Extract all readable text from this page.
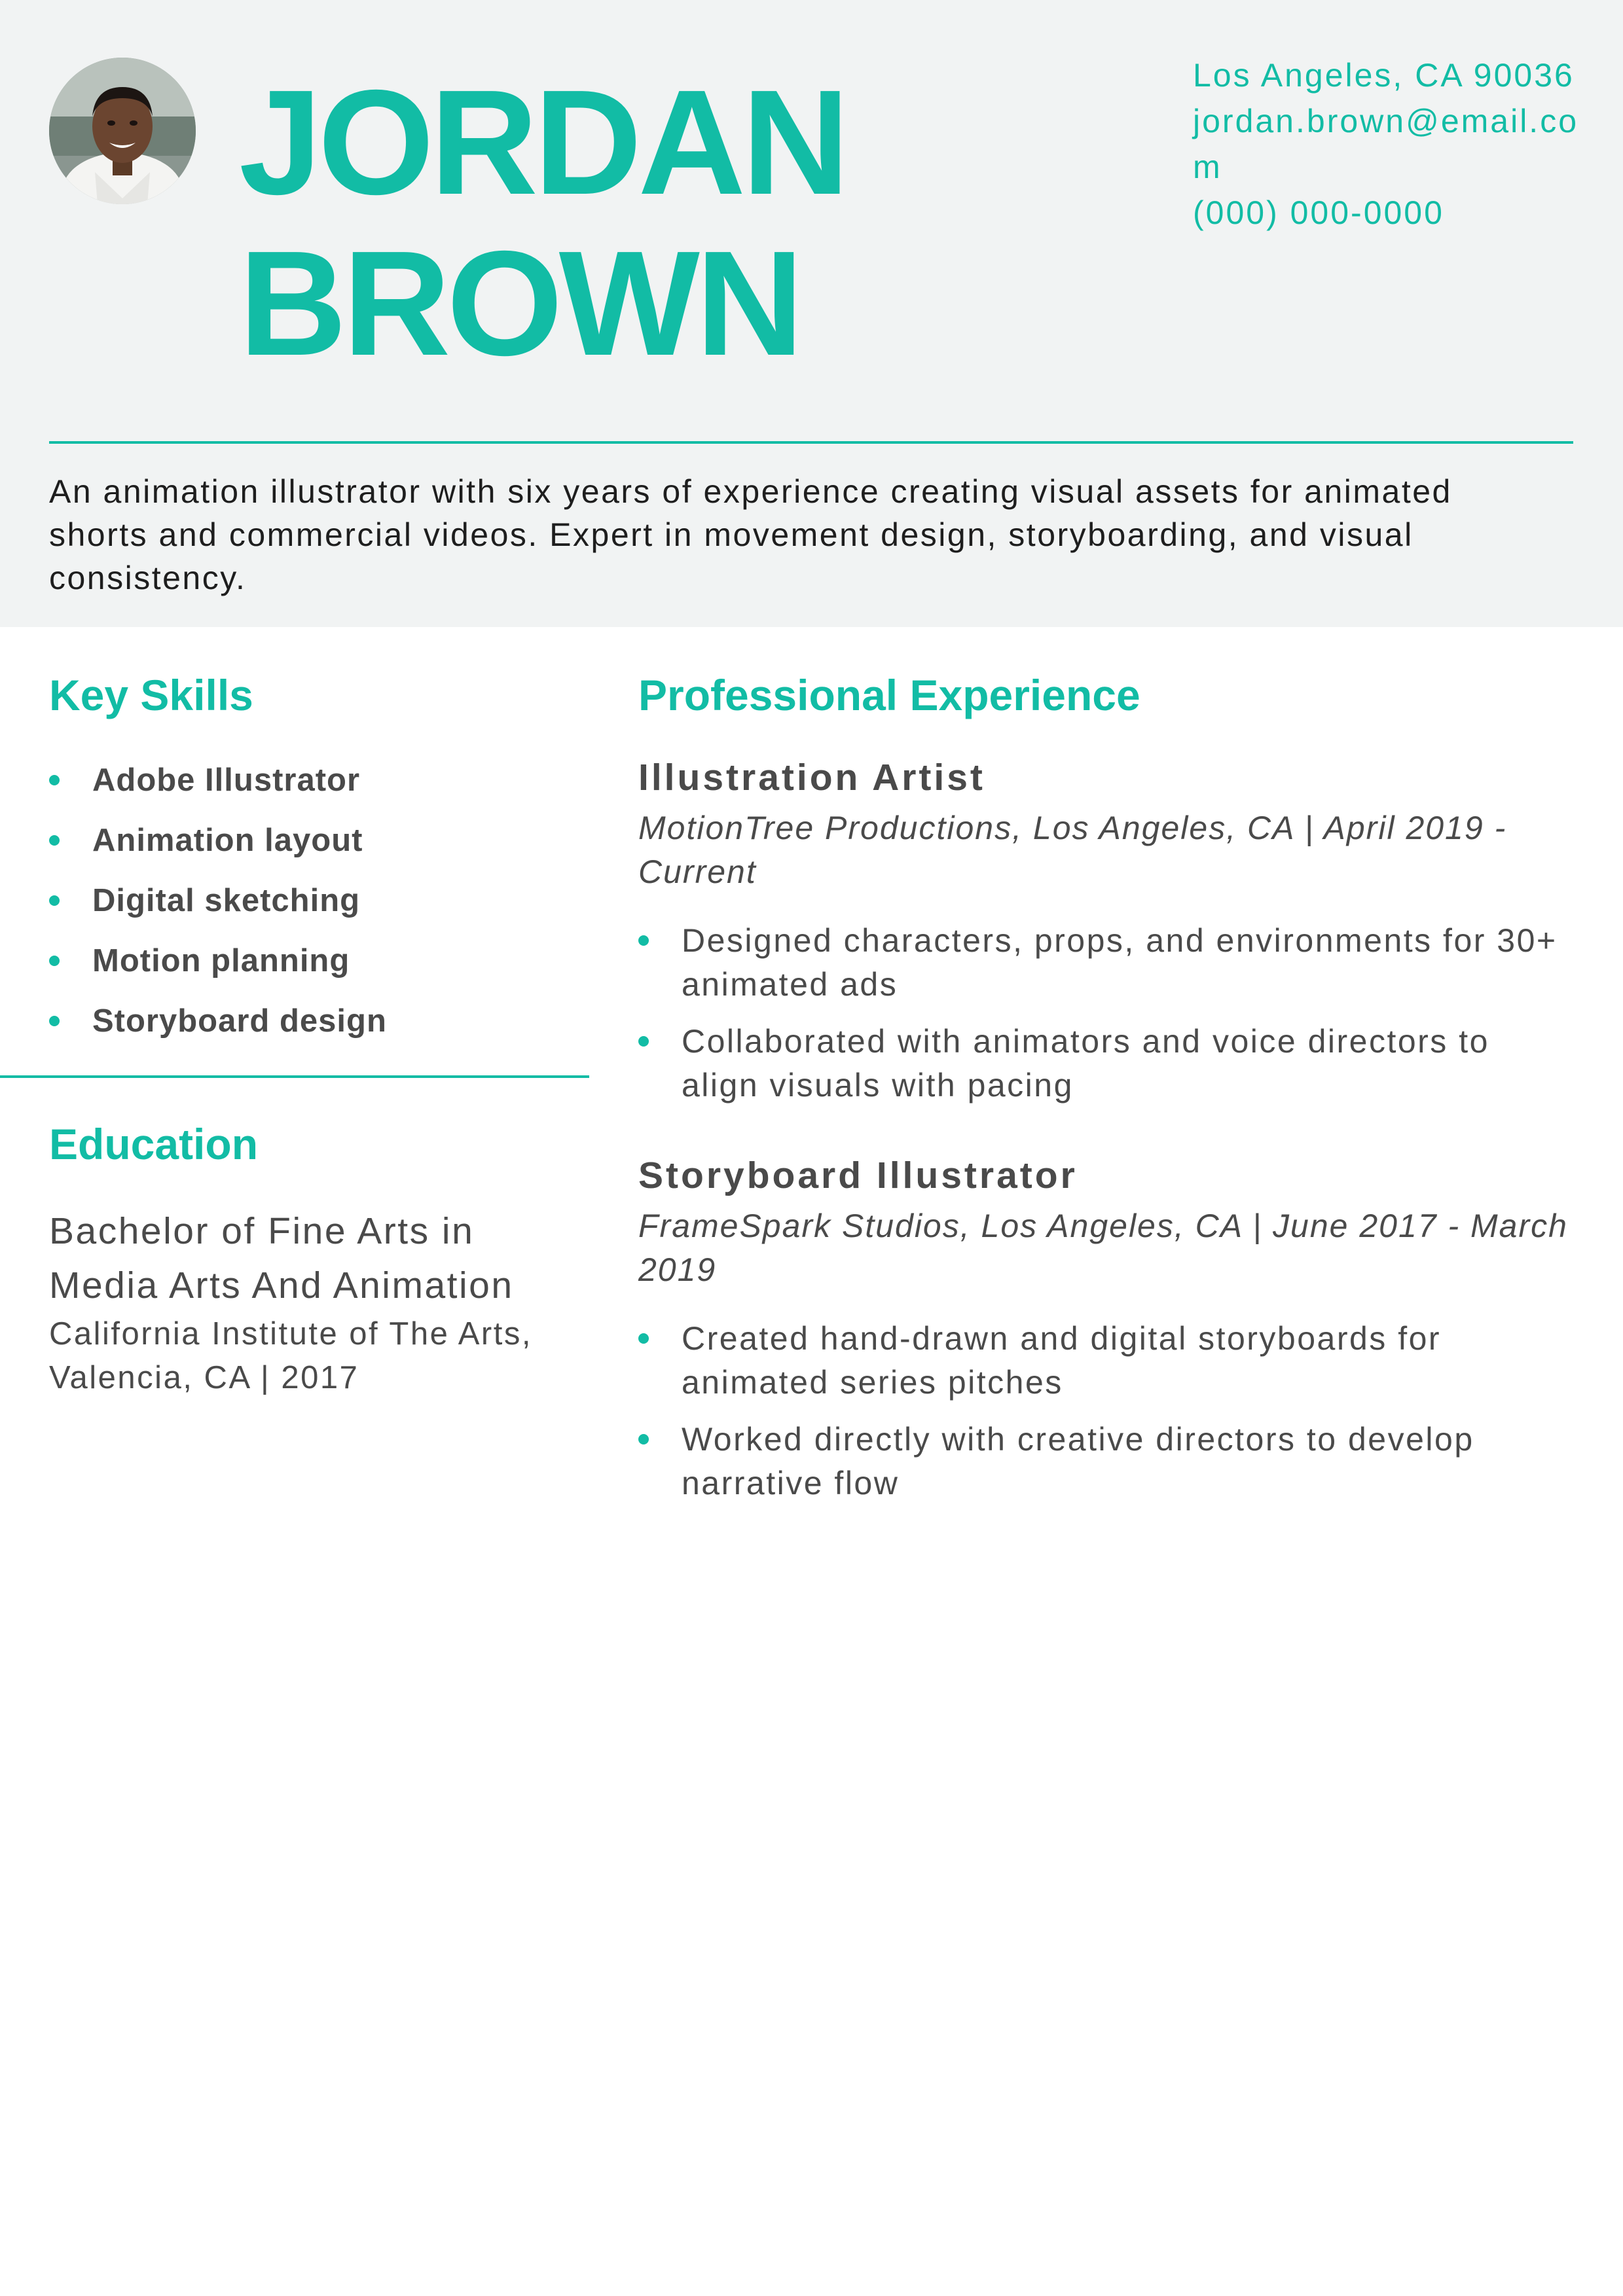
JORDAN
BROWN
Los Angeles, CA 90036
jordan.brown@email.com
(000) 000-0000
An animation illustrator with six years of experience creating visual assets for animated shorts and commercial videos. Expert in movement design, storyboarding, and visual consistency.
Key Skills
Adobe Illustrator
Animation layout
Digital sketching
Motion planning
Storyboard design
Education
Bachelor of Fine Arts in Media Arts And Animation
California Institute of The Arts, Valencia, CA | 2017
Professional Experience
Illustration Artist
MotionTree Productions, Los Angeles, CA | April 2019 - Current
Designed characters, props, and environments for 30+ animated ads
Collaborated with animators and voice directors to align visuals with pacing
Storyboard Illustrator
FrameSpark Studios, Los Angeles, CA | June 2017 - March 2019
Created hand-drawn and digital storyboards for animated series pitches
Worked directly with creative directors to develop narrative flow
